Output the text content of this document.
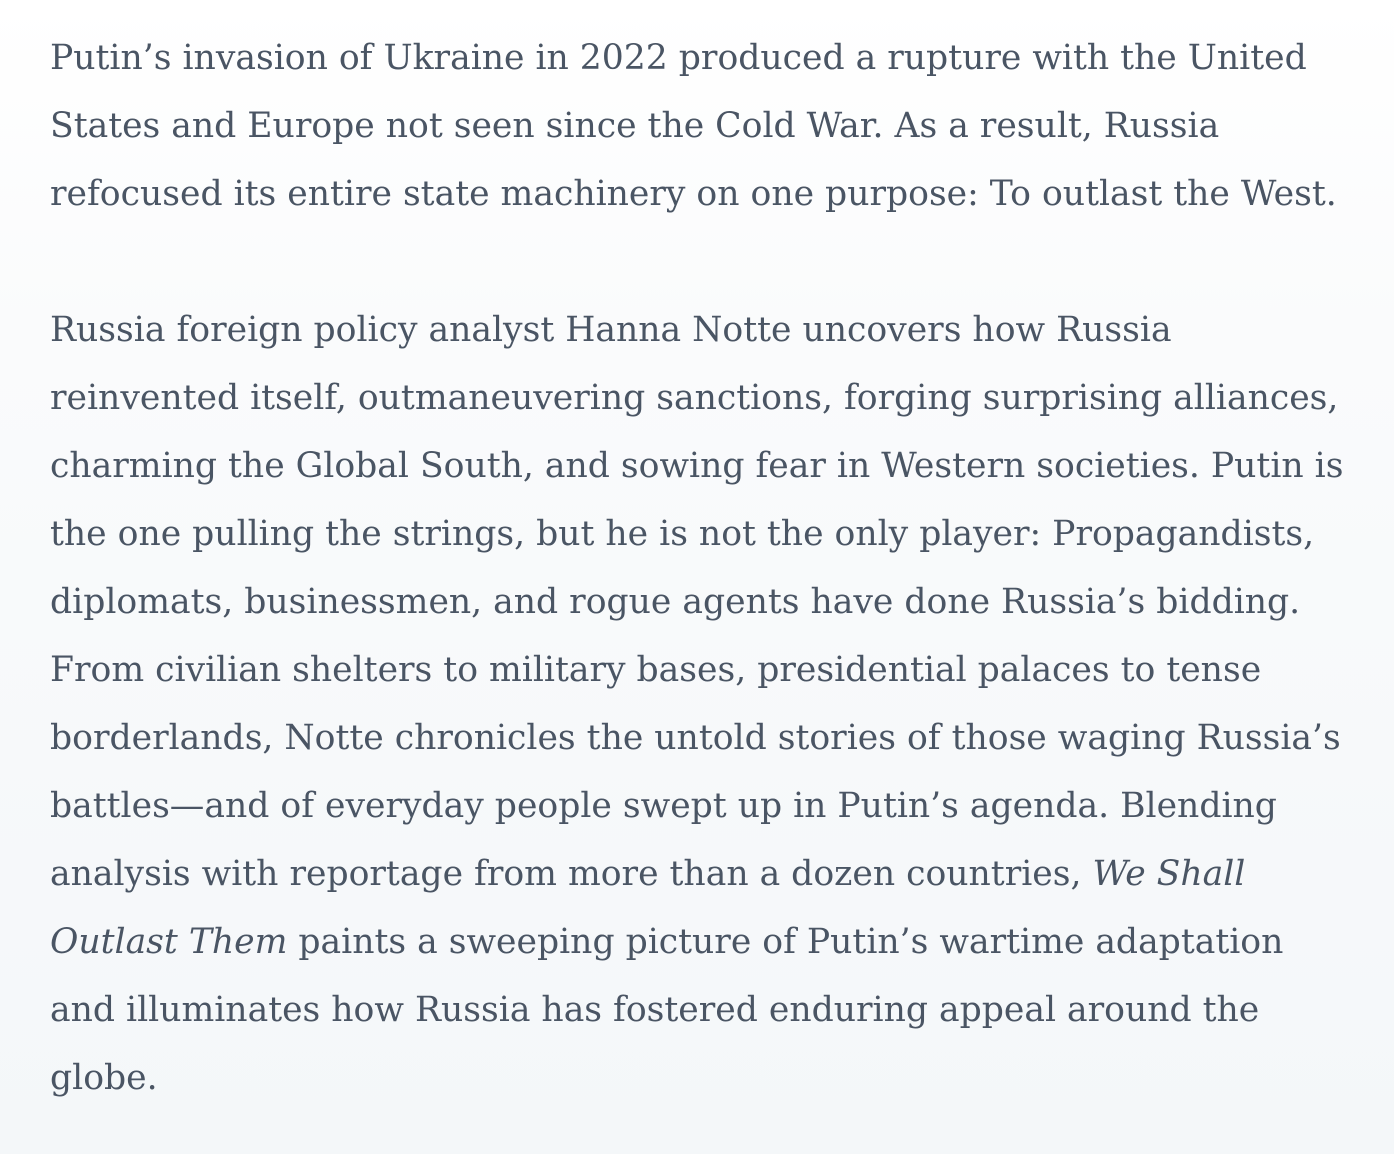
Putin’s invasion of Ukraine in 2022 produced a rupture with the United States and Europe not seen since the Cold War. As a result, Russia refocused its entire state machinery on one purpose: To outlast the West.

Russia foreign policy analyst Hanna Notte uncovers how Russia reinvented itself, outmaneuvering sanctions, forging surprising alliances, charming the Global South, and sowing fear in Western societies. Putin is the one pulling the strings, but he is not the only player: Propagandists, diplomats, businessmen, and rogue agents have done Russia’s bidding. From civilian shelters to military bases, presidential palaces to tense borderlands, Notte chronicles the untold stories of those waging Russia’s battles—and of everyday people swept up in Putin’s agenda. Blending analysis with reportage from more than a dozen countries, We Shall Outlast Them paints a sweeping picture of Putin’s wartime adaptation and illuminates how Russia has fostered enduring appeal around the globe.
